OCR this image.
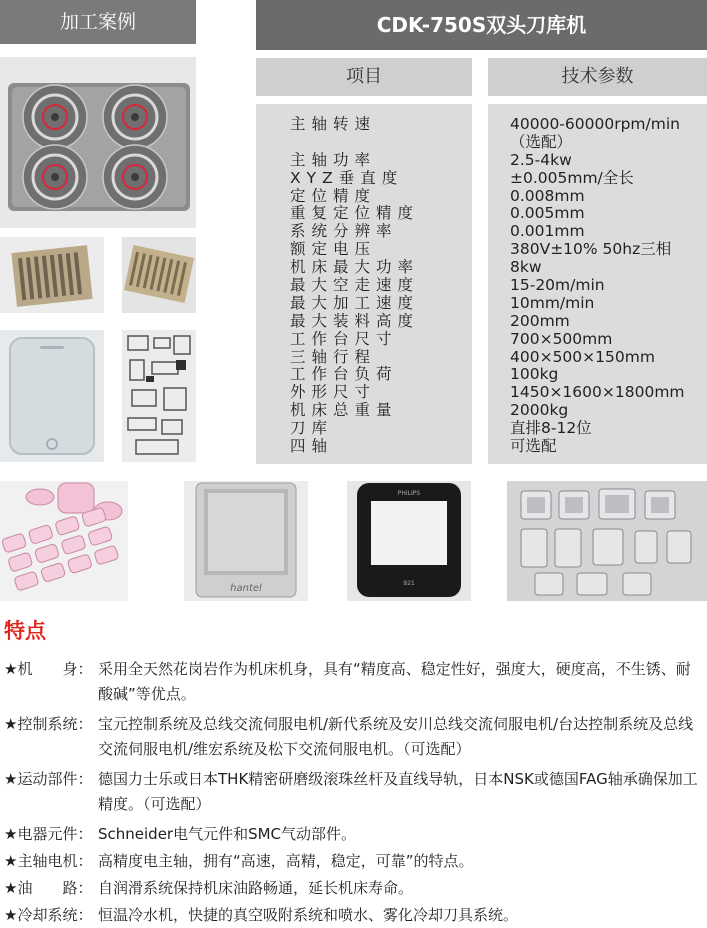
加工案例	CDK-750S双头刀库机
项目	技术参数
主轴转速
主轴功率
XYZ垂直度
定位精度
重复定位精度
系统分辨率
额定电压
机床最大功率
最大空走速度
最大加工速度
最大装料高度
工作台尺寸
三轴行程
工作台负荷
外形尺寸
机床总重量
刀库
四轴
40000-60000rpm/min
（选配）
2.5-4kw
±0.005mm/全长
0.008mm
0.005mm
0.001mm
380V±10% 50hz三相
8kw
15-20m/min
10mm/min
200mm
700×500mm
400×500×150mm
100kg
1450×1600×1800mm
2000kg
直排8-12位
可选配
hantel
PHILIPS
921
特点
★机　　身： 采用全天然花岗岩作为机床机身，具有“精度高、稳定性好，强度大，硬度高，不生锈、耐酸碱”等优点。
★控制系统： 宝元控制系统及总线交流伺服电机/新代系统及安川总线交流伺服电机/台达控制系统及总线交流伺服电机/维宏系统及松下交流伺服电机。（可选配）
★运动部件： 德国力士乐或日本THK精密研磨级滚珠丝杆及直线导轨，日本NSK或德国FAG轴承确保加工精度。（可选配）
★电器元件： Schneider电气元件和SMC气动部件。
★主轴电机： 高精度电主轴，拥有“高速，高精，稳定，可靠”的特点。
★油　　路： 自润滑系统保持机床油路畅通，延长机床寿命。
★冷却系统： 恒温冷水机，快捷的真空吸附系统和喷水、雾化冷却刀具系统。
